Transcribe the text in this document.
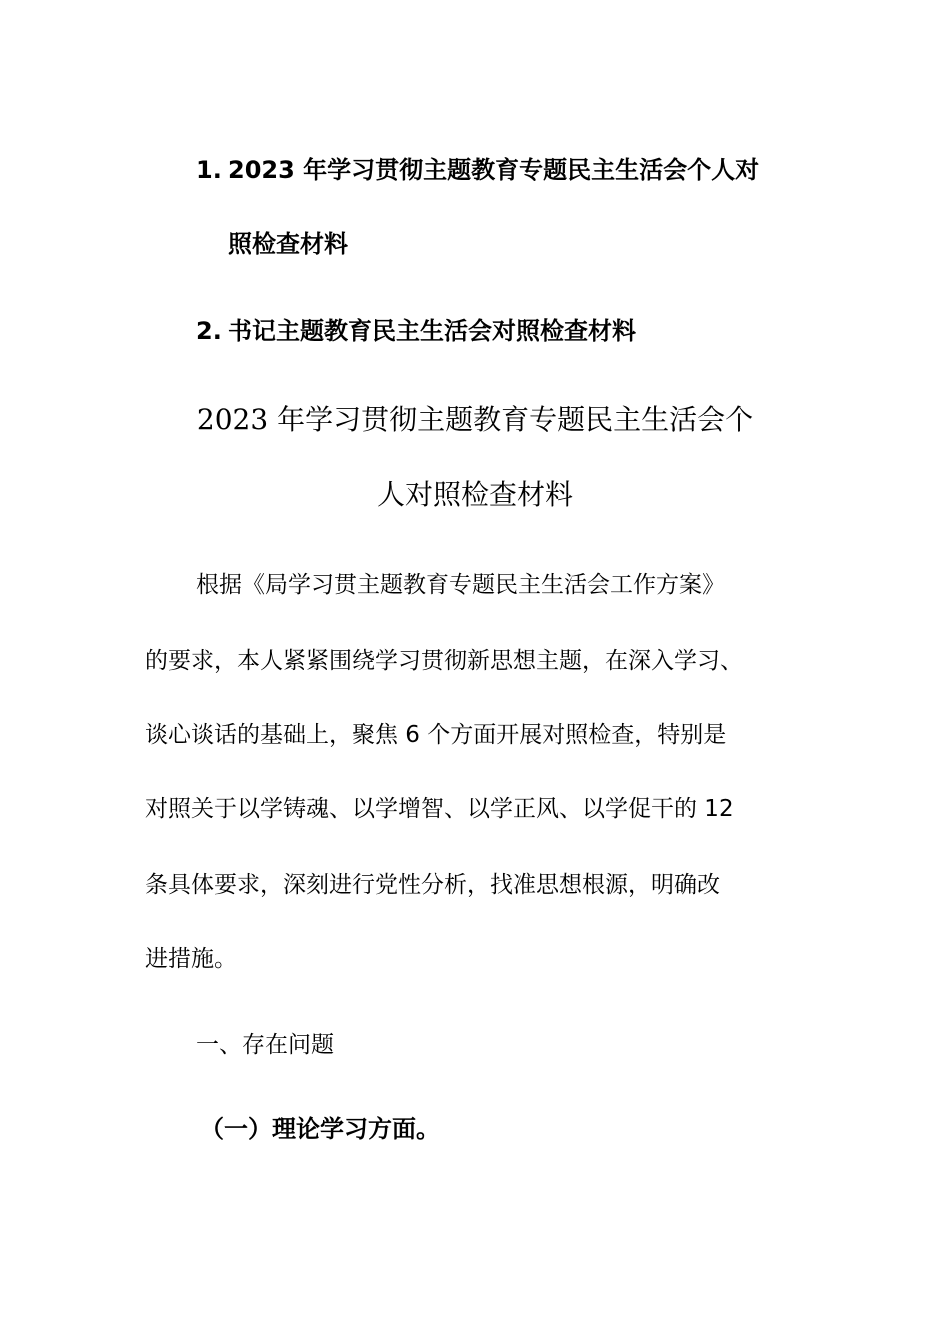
1. 2023 年学习贯彻主题教育专题民主生活会个人对
照检查材料
2. 书记主题教育民主生活会对照检查材料
2023 年学习贯彻主题教育专题民主生活会个
人对照检查材料
根据《局学习贯主题教育专题民主生活会工作方案》
的要求，本人紧紧围绕学习贯彻新思想主题，在深入学习、
谈心谈话的基础上，聚焦 6 个方面开展对照检查，特别是
对照关于以学铸魂、以学增智、以学正风、以学促干的 12
条具体要求，深刻进行党性分析，找准思想根源，明确改
进措施。
一、存在问题
（一）理论学习方面。
